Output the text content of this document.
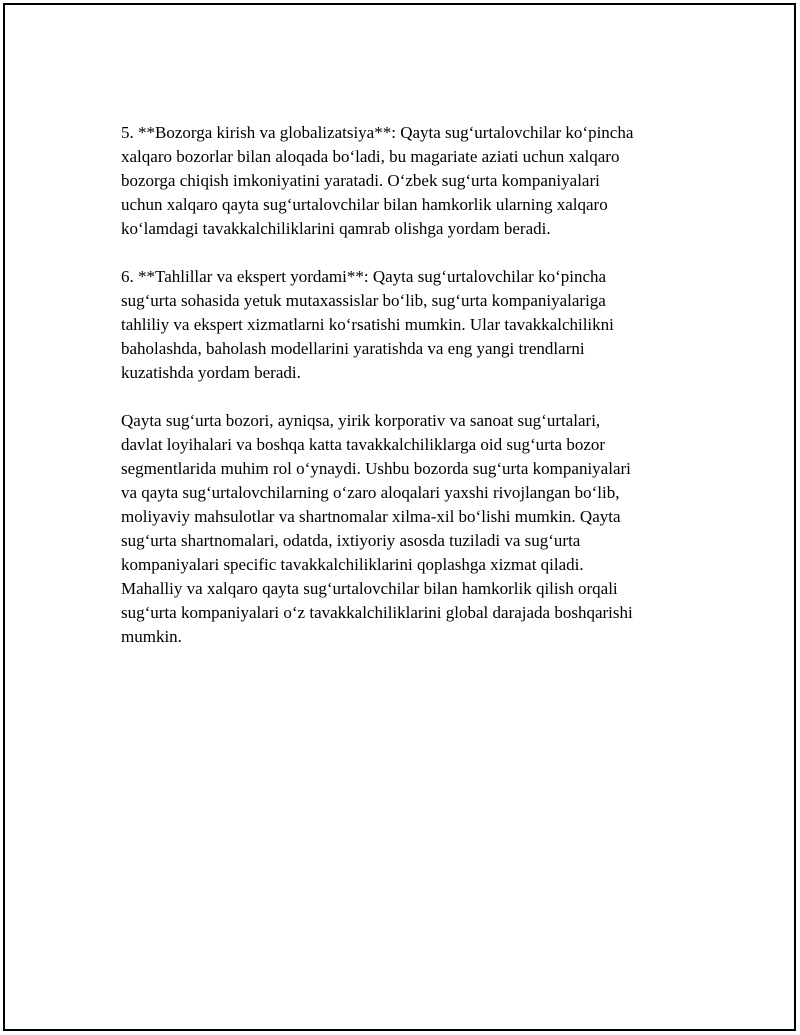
5. **Bozorga kirish va globalizatsiya**: Qayta sug‘urtalovchilar ko‘pincha
xalqaro bozorlar bilan aloqada bo‘ladi, bu magariate aziati uchun xalqaro
bozorga chiqish imkoniyatini yaratadi. O‘zbek sug‘urta kompaniyalari
uchun xalqaro qayta sug‘urtalovchilar bilan hamkorlik ularning xalqaro
ko‘lamdagi tavakkalchiliklarini qamrab olishga yordam beradi.

6. **Tahlillar va ekspert yordami**: Qayta sug‘urtalovchilar ko‘pincha
sug‘urta sohasida yetuk mutaxassislar bo‘lib, sug‘urta kompaniyalariga
tahliliy va ekspert xizmatlarni ko‘rsatishi mumkin. Ular tavakkalchilikni
baholashda, baholash modellarini yaratishda va eng yangi trendlarni
kuzatishda yordam beradi.

Qayta sug‘urta bozori, ayniqsa, yirik korporativ va sanoat sug‘urtalari,
davlat loyihalari va boshqa katta tavakkalchiliklarga oid sug‘urta bozor
segmentlarida muhim rol o‘ynaydi. Ushbu bozorda sug‘urta kompaniyalari
va qayta sug‘urtalovchilarning o‘zaro aloqalari yaxshi rivojlangan bo‘lib,
moliyaviy mahsulotlar va shartnomalar xilma-xil bo‘lishi mumkin. Qayta
sug‘urta shartnomalari, odatda, ixtiyoriy asosda tuziladi va sug‘urta
kompaniyalari specific tavakkalchiliklarini qoplashga xizmat qiladi.
Mahalliy va xalqaro qayta sug‘urtalovchilar bilan hamkorlik qilish orqali
sug‘urta kompaniyalari o‘z tavakkalchiliklarini global darajada boshqarishi
mumkin.
